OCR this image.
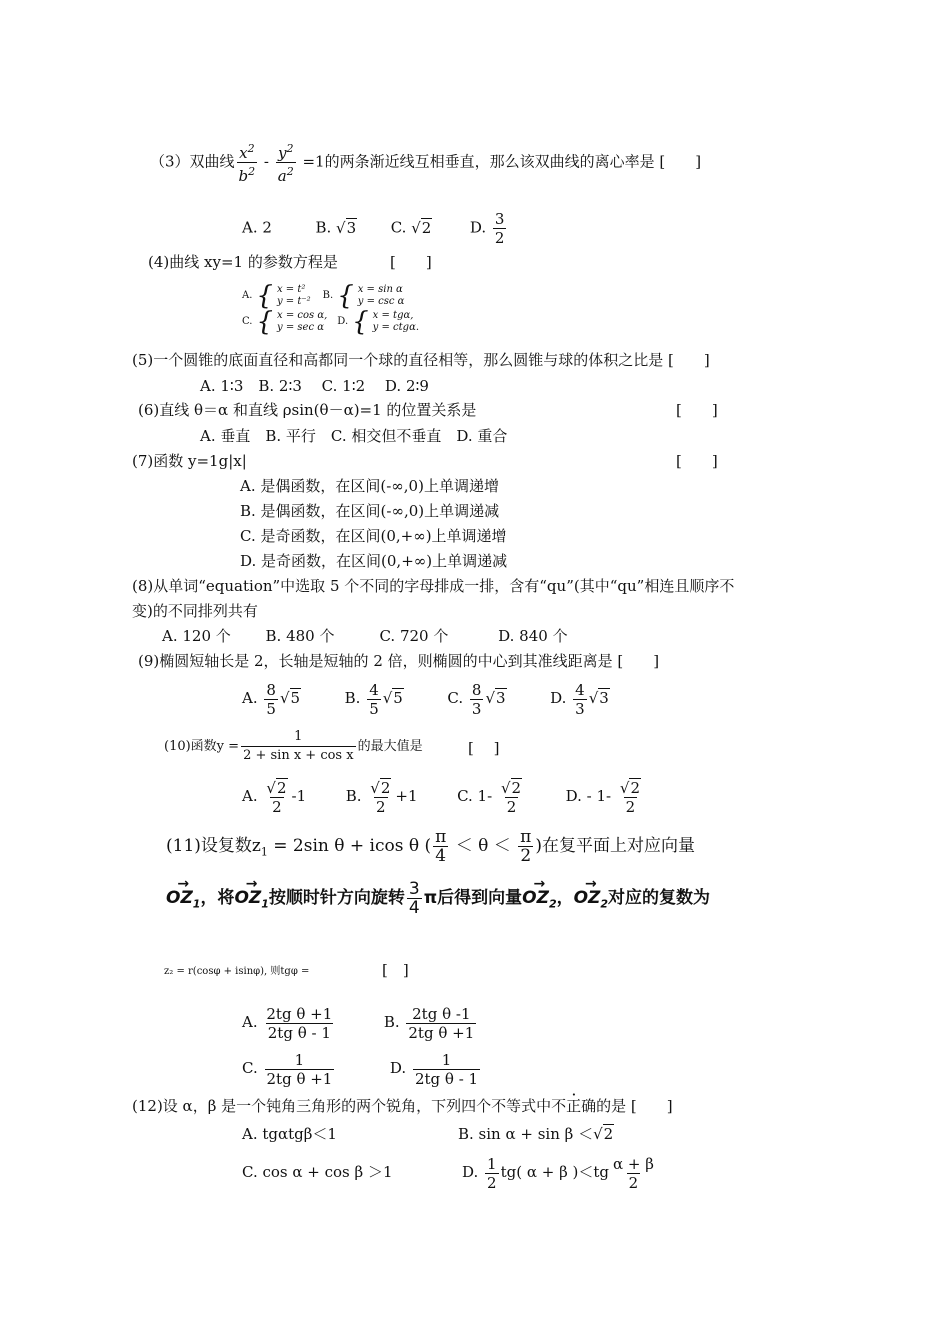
（3）双曲线 $\frac{x^2}{b^2} - \frac{y^2}{a^2} =1$的两条渐近线互相垂直，那么该双曲线的离心率是 [　　]
A. 2	B. √3 C. √2	D. $\frac{3}{2}$
(4)曲线 xy=1 的参数方程是	[　　]
A. { x = t²
y = t⁻²
B. { x = sin α
y = csc α
C. { x = cos α,
y = sec α
D. { x = tgα,
y = ctgα.
(5)一个圆锥的底面直径和高都同一个球的直径相等，那么圆锥与球的体积之比是 [　　]
A. 1∶3　B. 2∶3　 C. 1∶2　 D. 2∶9
(6)直线 θ＝α 和直线 ρsin(θ－α)=1 的位置关系是	[　　]
A. 垂直　B. 平行　C. 相交但不垂直　D. 重合
(7)函数 y=1g|x|	[　　]
A. 是偶函数，在区间(-∞,0)上单调递增
B. 是偶函数，在区间(-∞,0)上单调递减
C. 是奇函数，在区间(0,+∞)上单调递增
D. 是奇函数，在区间(0,+∞)上单调递减
(8)从单词“equation”中选取 5 个不同的字母排成一排，含有“qu”(其中“qu”相连且顺序不
变)的不同排列共有
A. 120 个　　 B. 480 个　　　C. 720 个　　　 D. 840 个
(9)椭圆短轴长是 2，长轴是短轴的 2 倍，则椭圆的中心到其准线距离是 [　　]
A. $\frac{8}{5} √5$	B. $\frac{4}{5} √5$	C. $\frac{8}{3} √3$	D. $\frac{4}{3} √3$
(10)函数$y = \frac{1}{\text{2 + sin x + cos x}}$ 的最大值是	[　 ]
A. $\frac{√2}{2} -1$	B. $\frac{√2}{2} +1$	C. $1- \frac{√2}{2}$	D. - $1- \frac{√2}{2}$
(11)设复数$z_1 = 2\sin$ θ + icos θ ( $\frac{\pi}{4} < \theta < \frac{\pi}{2}$ )在复平面上对应向量
→ $OZ_1$，将→ $OZ_1$按顺时针方向旋转 $\frac{3}{4}$ π后得到向量→ $OZ_2$，→ $OZ_2$对应的复数为
z₂ = r(cosφ + isinφ), 则tgφ =	[　]
A. $\frac{\text{2tg θ +1}}{\text{2tg θ - 1}}$	B. $\frac{\text{2tg θ -1}}{\text{2tg θ +1}}$
C. $\frac{1}{\text{2tg θ +1}}$	D. $\frac{1}{\text{2tg θ - 1}}$
(12)设 α，β 是一个钝角三角形的两个锐角，下列四个不等式中不正确的是 [　　]
A. tgαtgβ＜1	B. sin α + sin β ＜√2
C. cos α + cos β ＞1	D. $\frac{1}{2} tg$( α + β )$<tg \frac{\alpha + \beta}{2}$
